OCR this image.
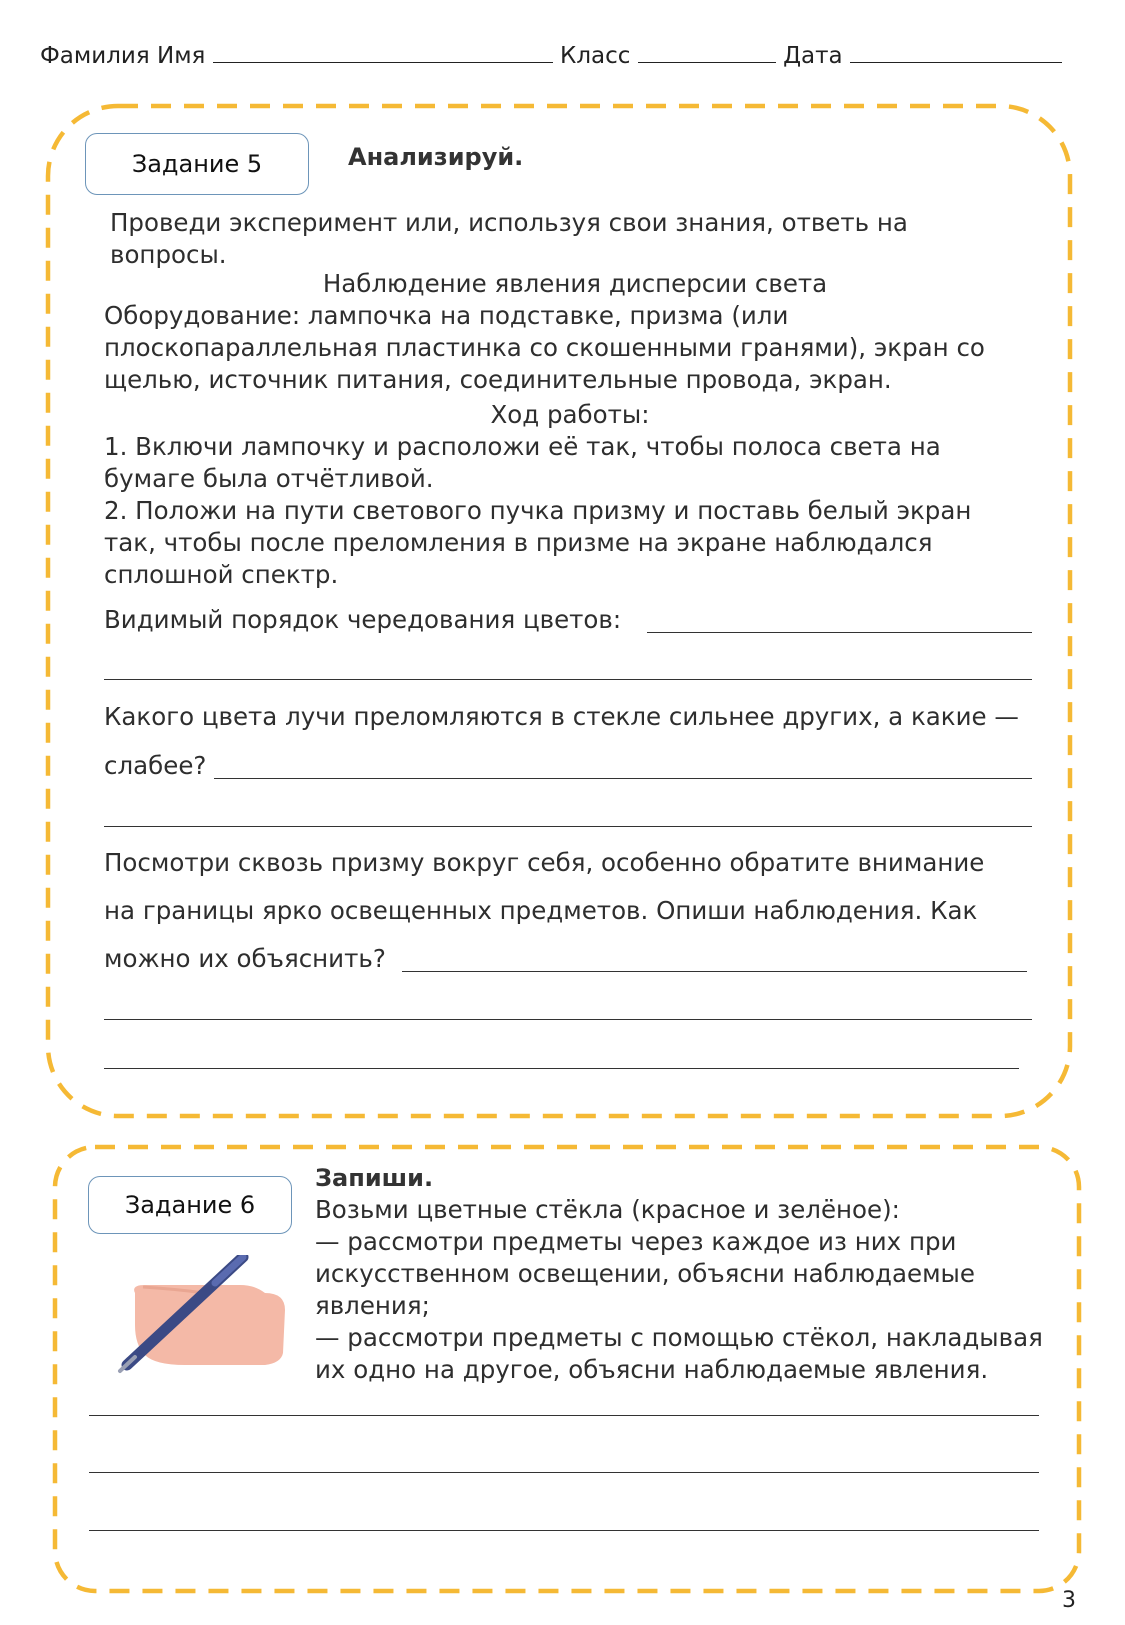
Фамилия Имя	Класс	Дата
Задание 5	Анализируй.
Проведи эксперимент или, используя свои знания, ответь на вопросы.
Наблюдение явления дисперсии света
Оборудование: лампочка на подставке, призма (или плоскопараллельная пластинка со скошенными гранями), экран со щелью, источник питания, соединительные провода, экран.
Ход работы:
1. Включи лампочку и расположи её так, чтобы полоса света на бумаге была отчётливой.
2. Положи на пути светового пучка призму и поставь белый экран так, чтобы после преломления в призме на экране наблюдался сплошной спектр.
Видимый порядок чередования цветов:
Какого цвета лучи преломляются в стекле сильнее других, а какие —
слабее?
Посмотри сквозь призму вокруг себя, особенно обратите внимание
на границы ярко освещенных предметов. Опиши наблюдения. Как
можно их объяснить?
Задание 6
Запиши.
Возьми цветные стёкла (красное и зелёное):
— рассмотри предметы через каждое из них при искусственном освещении, объясни наблюдаемые явления;
— рассмотри предметы с помощью стёкол, накладывая их одно на другое, объясни наблюдаемые явления.
3
